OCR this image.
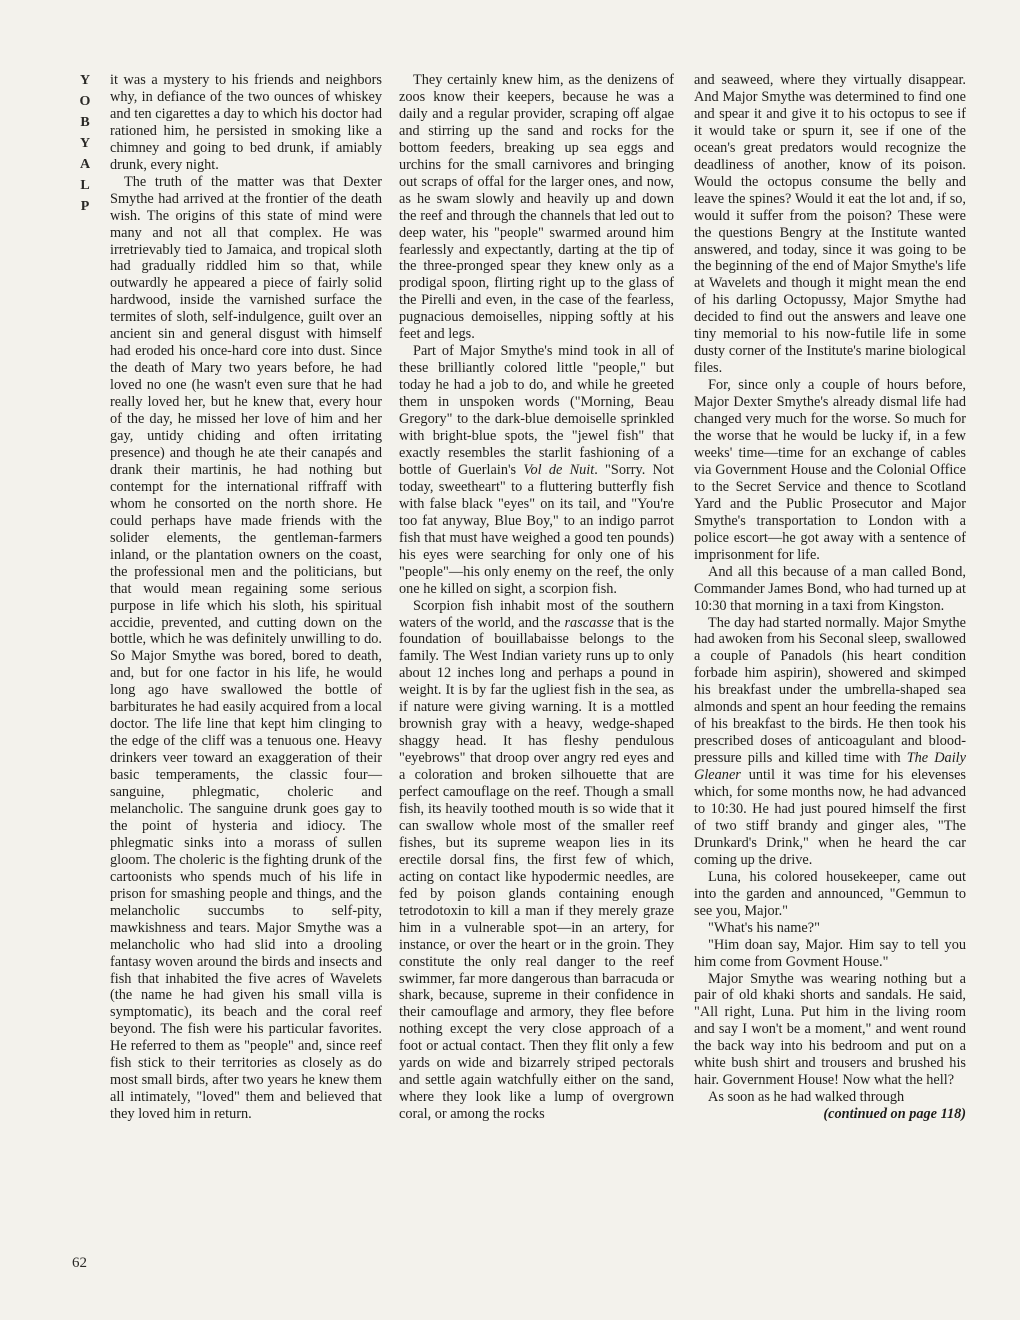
Y
O
B
Y
A
L
P
62

it was a mystery to his friends and neighbors why, in defiance of the two ounces of whiskey and ten cigarettes a day to which his doctor had rationed him, he persisted in smoking like a chimney and going to bed drunk, if amiably drunk, every night.

The truth of the matter was that Dexter Smythe had arrived at the frontier of the death wish. The origins of this state of mind were many and not all that complex. He was irretrievably tied to Jamaica, and tropical sloth had gradually riddled him so that, while outwardly he appeared a piece of fairly solid hardwood, inside the varnished surface the termites of sloth, self-indulgence, guilt over an ancient sin and general disgust with himself had eroded his once-hard core into dust. Since the death of Mary two years before, he had loved no one (he wasn't even sure that he had really loved her, but he knew that, every hour of the day, he missed her love of him and her gay, untidy chiding and often irritating presence) and though he ate their canapés and drank their martinis, he had nothing but contempt for the international riffraff with whom he consorted on the north shore. He could perhaps have made friends with the solider elements, the gentleman-farmers inland, or the plantation owners on the coast, the professional men and the politicians, but that would mean regaining some serious purpose in life which his sloth, his spiritual accidie, prevented, and cutting down on the bottle, which he was definitely unwilling to do. So Major Smythe was bored, bored to death, and, but for one factor in his life, he would long ago have swallowed the bottle of barbiturates he had easily acquired from a local doctor. The life line that kept him clinging to the edge of the cliff was a tenuous one. Heavy drinkers veer toward an exaggeration of their basic temperaments, the classic four—sanguine, phlegmatic, choleric and melancholic. The sanguine drunk goes gay to the point of hysteria and idiocy. The phlegmatic sinks into a morass of sullen gloom. The choleric is the fighting drunk of the cartoonists who spends much of his life in prison for smashing people and things, and the melancholic succumbs to self-pity, mawkishness and tears. Major Smythe was a melancholic who had slid into a drooling fantasy woven around the birds and insects and fish that inhabited the five acres of Wavelets (the name he had given his small villa is symptomatic), its beach and the coral reef beyond. The fish were his particular favorites. He referred to them as "people" and, since reef fish stick to their territories as closely as do most small birds, after two years he knew them all intimately, "loved" them and believed that they loved him in return.

They certainly knew him, as the denizens of zoos know their keepers, because he was a daily and a regular provider, scraping off algae and stirring up the sand and rocks for the bottom feeders, breaking up sea eggs and urchins for the small carnivores and bringing out scraps of offal for the larger ones, and now, as he swam slowly and heavily up and down the reef and through the channels that led out to deep water, his "people" swarmed around him fearlessly and expectantly, darting at the tip of the three-pronged spear they knew only as a prodigal spoon, flirting right up to the glass of the Pirelli and even, in the case of the fearless, pugnacious demoiselles, nipping softly at his feet and legs.

Part of Major Smythe's mind took in all of these brilliantly colored little "people," but today he had a job to do, and while he greeted them in unspoken words ("Morning, Beau Gregory" to the dark-blue demoiselle sprinkled with bright-blue spots, the "jewel fish" that exactly resembles the starlit fashioning of a bottle of Guerlain's Vol de Nuit. "Sorry. Not today, sweetheart" to a fluttering butterfly fish with false black "eyes" on its tail, and "You're too fat anyway, Blue Boy," to an indigo parrot fish that must have weighed a good ten pounds) his eyes were searching for only one of his "people"—his only enemy on the reef, the only one he killed on sight, a scorpion fish.

Scorpion fish inhabit most of the southern waters of the world, and the rascasse that is the foundation of bouillabaisse belongs to the family. The West Indian variety runs up to only about 12 inches long and perhaps a pound in weight. It is by far the ugliest fish in the sea, as if nature were giving warning. It is a mottled brownish gray with a heavy, wedge-shaped shaggy head. It has fleshy pendulous "eyebrows" that droop over angry red eyes and a coloration and broken silhouette that are perfect camouflage on the reef. Though a small fish, its heavily toothed mouth is so wide that it can swallow whole most of the smaller reef fishes, but its supreme weapon lies in its erectile dorsal fins, the first few of which, acting on contact like hypodermic needles, are fed by poison glands containing enough tetrodotoxin to kill a man if they merely graze him in a vulnerable spot—in an artery, for instance, or over the heart or in the groin. They constitute the only real danger to the reef swimmer, far more dangerous than barracuda or shark, because, supreme in their confidence in their camouflage and armory, they flee before nothing except the very close approach of a foot or actual contact. Then they flit only a few yards on wide and bizarrely striped pectorals and settle again watchfully either on the sand, where they look like a lump of overgrown coral, or among the rocks

and seaweed, where they virtually disappear. And Major Smythe was determined to find one and spear it and give it to his octopus to see if it would take or spurn it, see if one of the ocean's great predators would recognize the deadliness of another, know of its poison. Would the octopus consume the belly and leave the spines? Would it eat the lot and, if so, would it suffer from the poison? These were the questions Bengry at the Institute wanted answered, and today, since it was going to be the beginning of the end of Major Smythe's life at Wavelets and though it might mean the end of his darling Octopussy, Major Smythe had decided to find out the answers and leave one tiny memorial to his now-futile life in some dusty corner of the Institute's marine biological files.

For, since only a couple of hours before, Major Dexter Smythe's already dismal life had changed very much for the worse. So much for the worse that he would be lucky if, in a few weeks' time—time for an exchange of cables via Government House and the Colonial Office to the Secret Service and thence to Scotland Yard and the Public Prosecutor and Major Smythe's transportation to London with a police escort—he got away with a sentence of imprisonment for life.

And all this because of a man called Bond, Commander James Bond, who had turned up at 10:30 that morning in a taxi from Kingston.

The day had started normally. Major Smythe had awoken from his Seconal sleep, swallowed a couple of Panadols (his heart condition forbade him aspirin), showered and skimped his breakfast under the umbrella-shaped sea almonds and spent an hour feeding the remains of his breakfast to the birds. He then took his prescribed doses of anticoagulant and blood-pressure pills and killed time with The Daily Gleaner until it was time for his elevenses which, for some months now, he had advanced to 10:30. He had just poured himself the first of two stiff brandy and ginger ales, "The Drunkard's Drink," when he heard the car coming up the drive.

Luna, his colored housekeeper, came out into the garden and announced, "Gemmun to see you, Major."

"What's his name?"

"Him doan say, Major. Him say to tell you him come from Govment House."

Major Smythe was wearing nothing but a pair of old khaki shorts and sandals. He said, "All right, Luna. Put him in the living room and say I won't be a moment," and went round the back way into his bedroom and put on a white bush shirt and trousers and brushed his hair. Government House! Now what the hell?

As soon as he had walked through

(continued on page 118)
